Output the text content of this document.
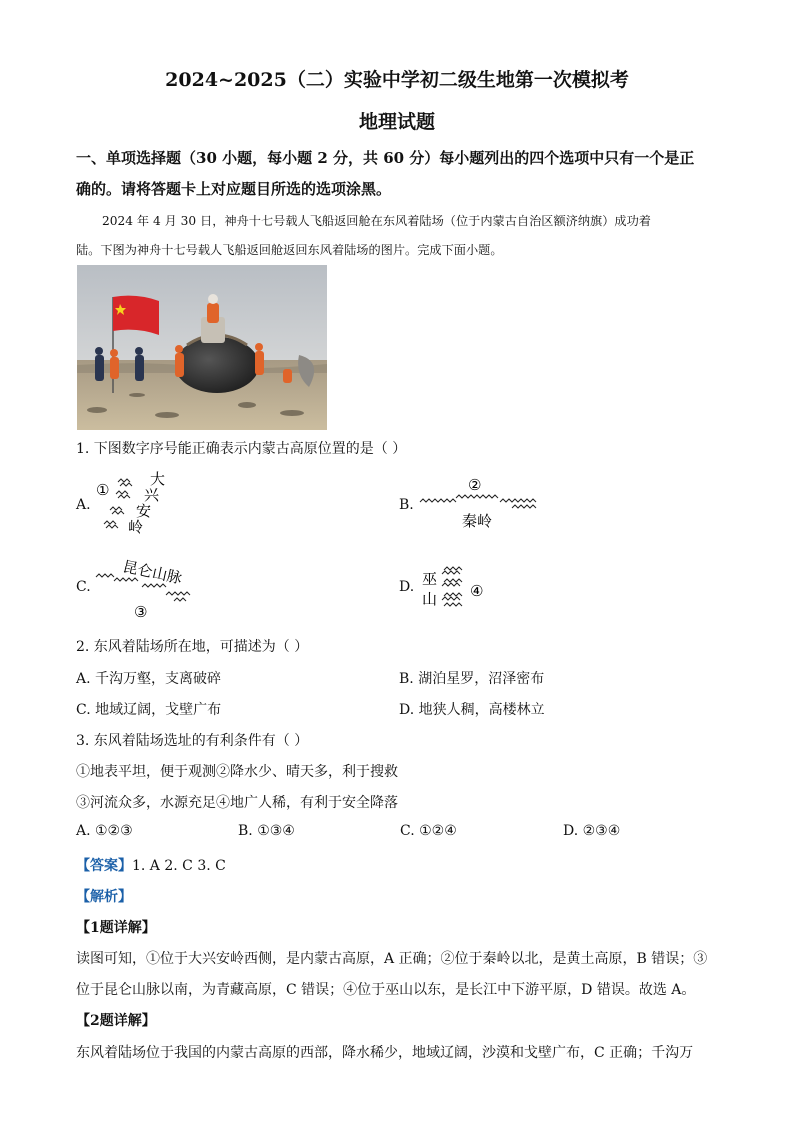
2024~2025（二）实验中学初二级生地第一次模拟考
地理试题
一、单项选择题（30 小题，每小题 2 分，共 60 分）每小题列出的四个选项中只有一个是正
确的。请将答题卡上对应题目所选的选项涂黑。
2024 年 4 月 30 日，神舟十七号载人飞船返回舱在东风着陆场（位于内蒙古自治区额济纳旗）成功着
陆。下图为神舟十七号载人飞船返回舱返回东风着陆场的图片。完成下面小题。
1. 下图数字序号能正确表示内蒙古高原位置的是（ ）
A.
①
大
兴
安
岭
B.
②
秦岭
C. 昆仑山脉
③
D. 巫
山 ④
2. 东风着陆场所在地，可描述为（ ）
A. 千沟万壑，支离破碎	B. 湖泊星罗，沼泽密布
C. 地域辽阔，戈壁广布	D. 地狭人稠，高楼林立
3. 东风着陆场选址的有利条件有（ ）
①地表平坦，便于观测②降水少、晴天多，利于搜救
③河流众多，水源充足④地广人稀，有利于安全降落
A. ①②③	B. ①③④	C. ①②④	D. ②③④
【答案】1. A 2. C 3. C
【解析】
【1题详解】
读图可知，①位于大兴安岭西侧，是内蒙古高原，A 正确；②位于秦岭以北，是黄土高原，B 错误；③
位于昆仑山脉以南，为青藏高原，C 错误；④位于巫山以东，是长江中下游平原，D 错误。故选 A。
【2题详解】
东风着陆场位于我国的内蒙古高原的西部，降水稀少，地域辽阔，沙漠和戈壁广布，C 正确；千沟万
